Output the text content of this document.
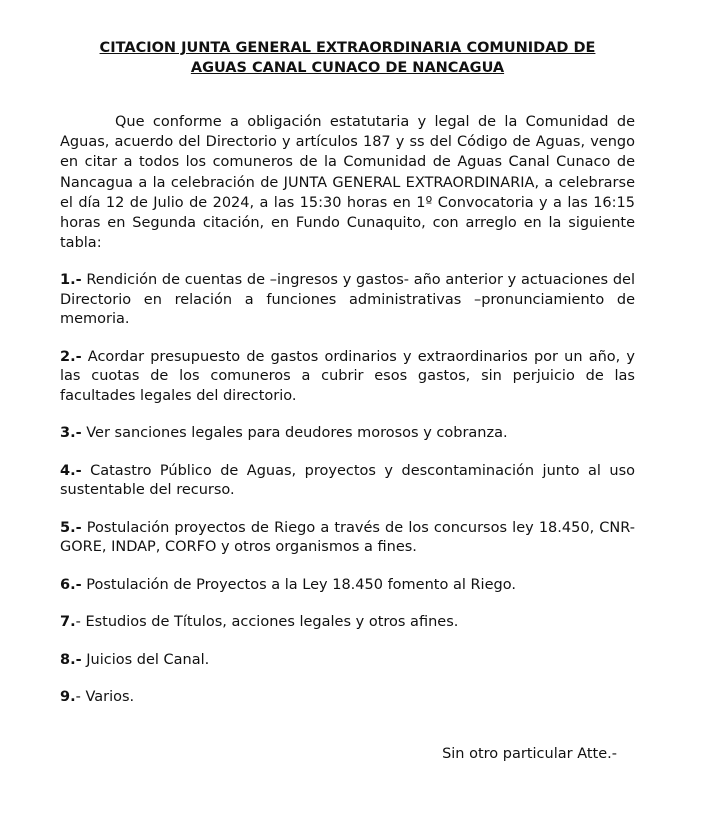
CITACION JUNTA GENERAL EXTRAORDINARIA COMUNIDAD DE
AGUAS CANAL CUNACO DE NANCAGUA

Que conforme a obligación estatutaria y legal de la Comunidad de Aguas, acuerdo del Directorio y artículos 187 y ss del Código de Aguas, vengo en citar a todos los comuneros de la Comunidad de Aguas Canal Cunaco de Nancagua a la celebración de JUNTA GENERAL EXTRAORDINARIA, a celebrarse el día 12 de Julio de 2024, a las 15:30 horas en 1º Convocatoria y a las 16:15 horas en Segunda citación, en Fundo Cunaquito, con arreglo en la siguiente tabla:

1.- Rendición de cuentas de –ingresos y gastos- año anterior y actuaciones del Directorio en relación a funciones administrativas –pronunciamiento de memoria.
2.- Acordar presupuesto de gastos ordinarios y extraordinarios por un año, y las cuotas de los comuneros a cubrir esos gastos, sin perjuicio de las facultades legales del directorio.
3.- Ver sanciones legales para deudores morosos y cobranza.
4.- Catastro Público de Aguas, proyectos y descontaminación junto al uso sustentable del recurso.
5.- Postulación proyectos de Riego a través de los concursos ley 18.450, CNR-GORE, INDAP, CORFO y otros organismos a fines.
6.- Postulación de Proyectos a la Ley 18.450 fomento al Riego.
7.- Estudios de Títulos, acciones legales y otros afines.
8.- Juicios del Canal.
9.- Varios.
Sin otro particular Atte.-
